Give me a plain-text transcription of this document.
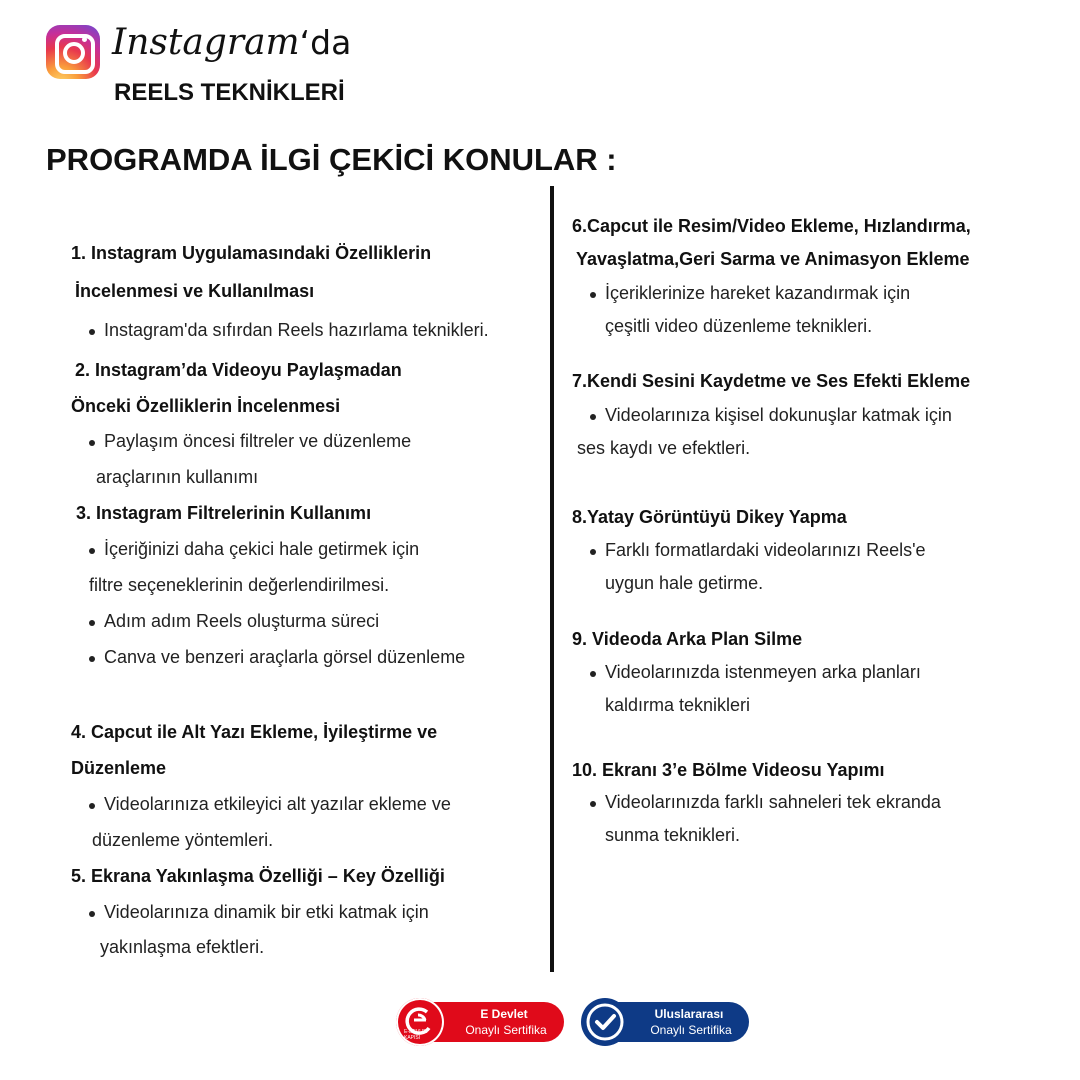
Instagram‘da
REELS TEKNİKLERİ
PROGRAMDA İLGİ ÇEKİCİ KONULAR :
1. Instagram Uygulamasındaki Özelliklerin
İncelenmesi ve Kullanılması
Instagram'da sıfırdan Reels hazırlama teknikleri.
2. Instagram’da Videoyu Paylaşmadan
Önceki Özelliklerin İncelenmesi
Paylaşım öncesi filtreler ve düzenleme
araçlarının kullanımı
3. Instagram Filtrelerinin Kullanımı
İçeriğinizi daha çekici hale getirmek için
filtre seçeneklerinin değerlendirilmesi.
Adım adım Reels oluşturma süreci
Canva ve benzeri araçlarla görsel düzenleme
4. Capcut ile Alt Yazı Ekleme, İyileştirme ve
Düzenleme
Videolarınıza etkileyici alt yazılar ekleme ve
düzenleme yöntemleri.
5. Ekrana Yakınlaşma Özelliği – Key Özelliği
Videolarınıza dinamik bir etki katmak için
yakınlaşma efektleri.
6.Capcut ile Resim/Video Ekleme, Hızlandırma,
Yavaşlatma,Geri Sarma ve Animasyon Ekleme
İçeriklerinize hareket kazandırmak için
çeşitli video düzenleme teknikleri.
7.Kendi Sesini Kaydetme ve Ses Efekti Ekleme
Videolarınıza kişisel dokunuşlar katmak için
ses kaydı ve efektleri.
8.Yatay Görüntüyü Dikey Yapma
Farklı formatlardaki videolarınızı Reels'e
uygun hale getirme.
9. Videoda Arka Plan Silme
Videolarınızda istenmeyen arka planları
kaldırma teknikleri
10. Ekranı 3’e Bölme Videosu Yapımı
Videolarınızda farklı sahneleri tek ekranda
sunma teknikleri.
E-DEVLET KAPISI
E Devlet
Onaylı Sertifika
Uluslararası
Onaylı Sertifika
